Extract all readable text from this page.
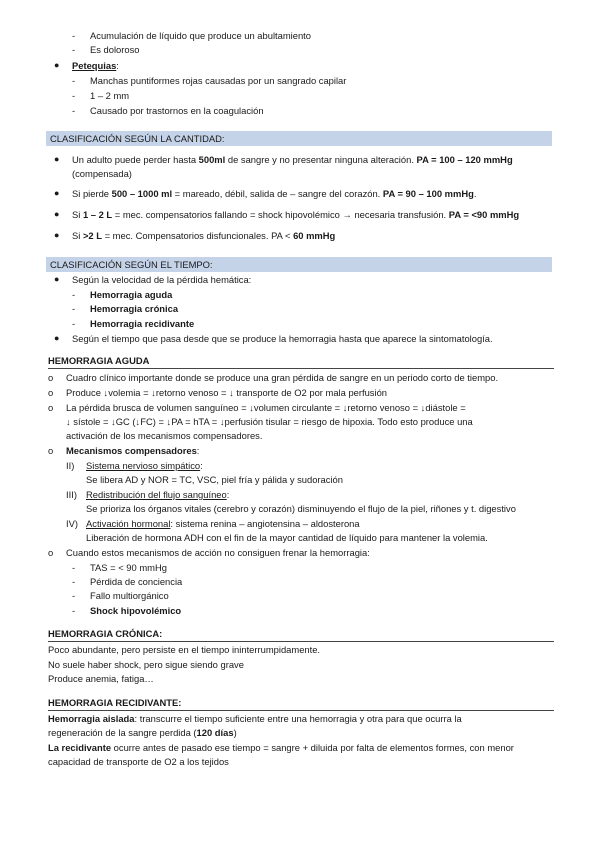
- Acumulación de líquido que produce un abultamiento
- Es doloroso
● Petequias:
- Manchas puntiformes rojas causadas por un sangrado capilar
- 1 – 2 mm
- Causado por trastornos en la coagulación
CLASIFICACIÓN SEGÚN LA CANTIDAD:
● Un adulto puede perder hasta 500ml de sangre y no presentar ninguna alteración. PA = 100 – 120 mmHg
(compensada)
● Si pierde 500 – 1000 ml = mareado, débil, salida de – sangre del corazón. PA = 90 – 100 mmHg.
● Si 1 – 2 L = mec. compensatorios fallando = shock hipovolémico → necesaria transfusión. PA = <90 mmHg
● Si >2 L = mec. Compensatorios disfuncionales. PA < 60 mmHg
CLASIFICACIÓN SEGÚN EL TIEMPO:
● Según la velocidad de la pérdida hemática:
- Hemorragia aguda
- Hemorragia crónica
- Hemorragia recidivante
● Según el tiempo que pasa desde que se produce la hemorragia hasta que aparece la sintomatología.
HEMORRAGIA AGUDA
o Cuadro clínico importante donde se produce una gran pérdida de sangre en un periodo corto de tiempo.
o Produce ↓volemia = ↓retorno venoso = ↓ transporte de O2 por mala perfusión
o La pérdida brusca de volumen sanguíneo = ↓volumen circulante = ↓retorno venoso = ↓diástole =
↓ sístole = ↓GC (↓FC) = ↓PA = hTA = ↓perfusión tisular = riesgo de hipoxia. Todo esto produce una
activación de los mecanismos compensadores.
o Mecanismos compensadores:
II) Sistema nervioso simpático:
Se libera AD y NOR = TC, VSC, piel fría y pálida y sudoración
III) Redistribución del flujo sanguíneo:
Se prioriza los órganos vitales (cerebro y corazón) disminuyendo el flujo de la piel, riñones y t. digestivo
IV) Activación hormonal: sistema renina – angiotensina – aldosterona
Liberación de hormona ADH con el fin de la mayor cantidad de líquido para mantener la volemia.
o Cuando estos mecanismos de acción no consiguen frenar la hemorragia:
- TAS = < 90 mmHg
- Pérdida de conciencia
- Fallo multiorgánico
- Shock hipovolémico
HEMORRAGIA CRÓNICA:
Poco abundante, pero persiste en el tiempo ininterrumpidamente.
No suele haber shock, pero sigue siendo grave
Produce anemia, fatiga…
HEMORRAGIA RECIDIVANTE:
Hemorragia aislada: transcurre el tiempo suficiente entre una hemorragia y otra para que ocurra la
regeneración de la sangre perdida (120 días)
La recidivante ocurre antes de pasado ese tiempo = sangre + diluida por falta de elementos formes, con menor
capacidad de transporte de O2 a los tejidos
